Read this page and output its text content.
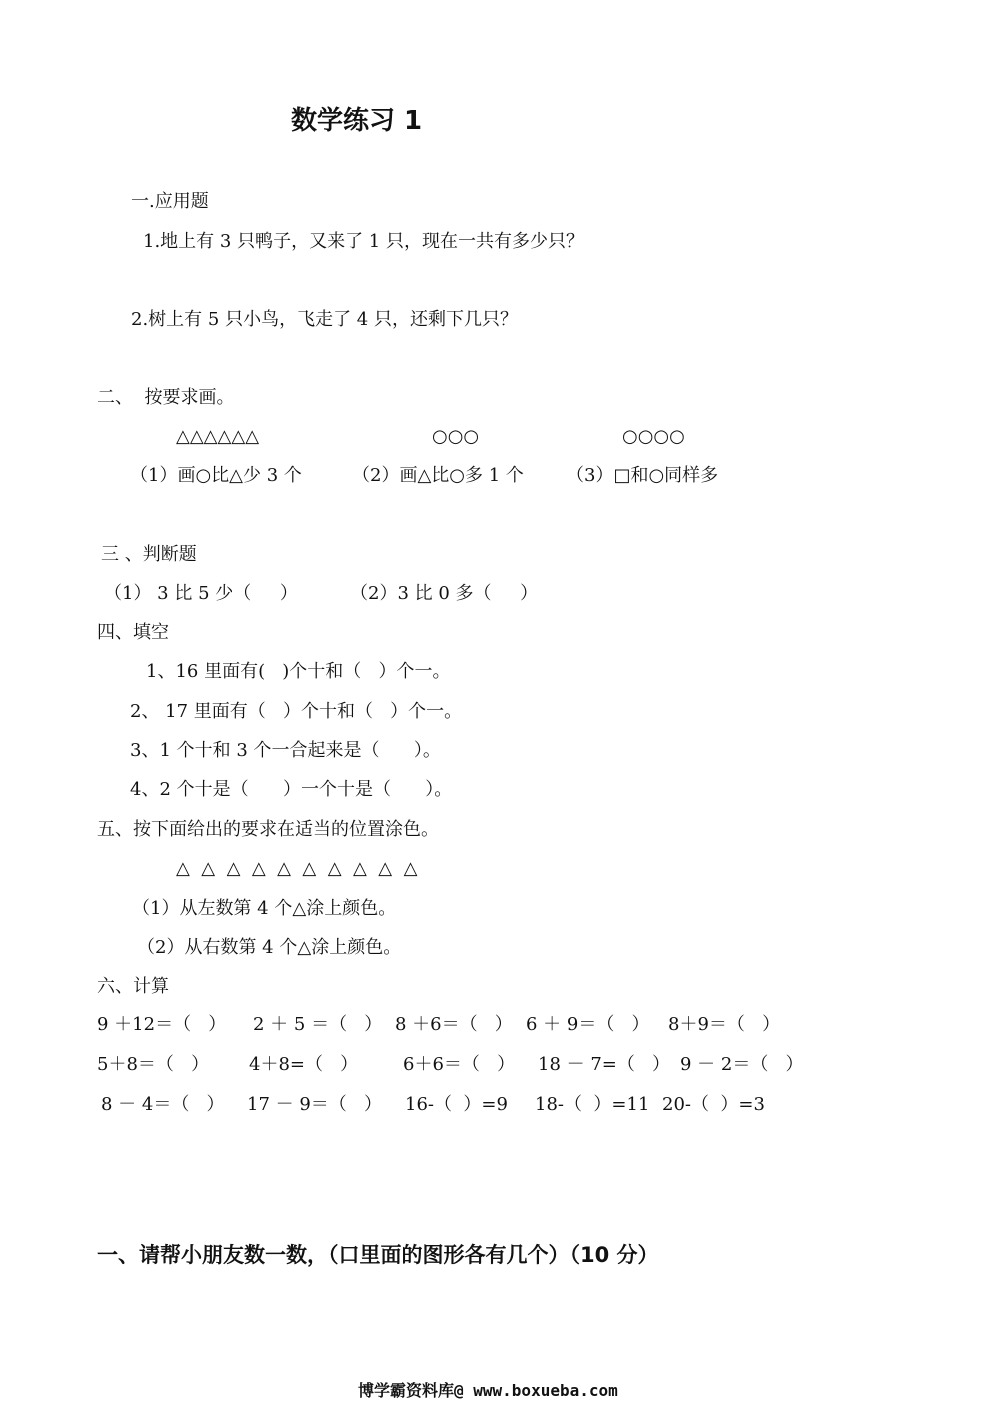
数学练习 1
一.应用题
1.地上有 3 只鸭子，又来了 1 只，现在一共有多少只？
2.树上有 5 只小鸟，飞走了 4 只，还剩下几只？
二、  按要求画。
△△△△△△	○○○	○○○○
（1）画○比△少 3 个	（2）画△比○多 1 个 （3）□和○同样多
三 、判断题
（1） 3 比 5 少（     ）	（2）3 比 0 多（     ）
四、填空
1、16 里面有(   )个十和（   ）个一。
2、 17 里面有（   ）个十和（   ）个一。
3、1 个十和 3 个一合起来是（      ）。
4、2 个十是（      ）一个十是（      ）。
五、按下面给出的要求在适当的位置涂色。
△  △  △  △  △  △  △  △  △  △
（1）从左数第 4 个△涂上颜色。
（2）从右数第 4 个△涂上颜色。
六、计算
9 ＋12＝（   ） 2 ＋ 5 ＝（   ） 8 ＋6＝（   ） 6 ＋ 9＝（   ） 8＋9＝（   ）
5＋8＝（   ） 4＋8=（   ） 6＋6＝（   ） 18 － 7=（   ） 9 － 2＝（   ）
8 － 4＝（   ） 17 － 9＝（   ） 16-（  ）=9 18-（  ）=11 20-（  ）=3
一、请帮小朋友数一数，（口里面的图形各有几个）（10 分）
博学霸资料库@ www.boxueba.com
